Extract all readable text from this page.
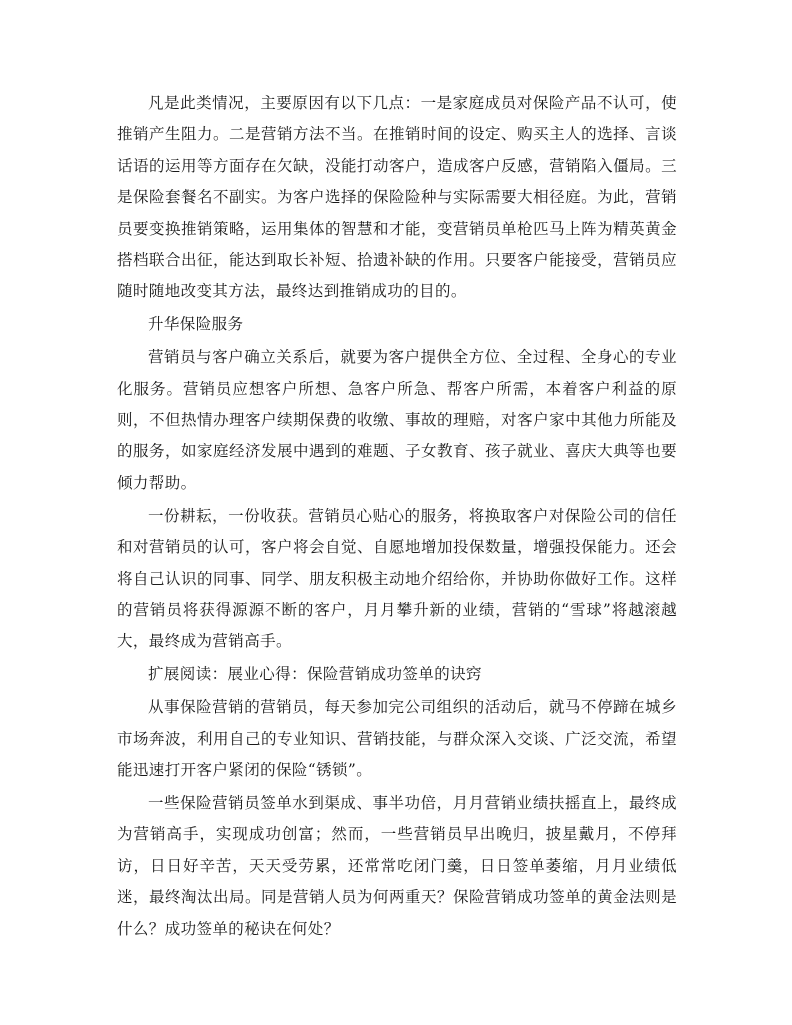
凡是此类情况，主要原因有以下几点：一是家庭成员对保险产品不认可，使推销产生阻力。二是营销方法不当。在推销时间的设定、购买主人的选择、言谈话语的运用等方面存在欠缺，没能打动客户，造成客户反感，营销陷入僵局。三是保险套餐名不副实。为客户选择的保险险种与实际需要大相径庭。为此，营销员要变换推销策略，运用集体的智慧和才能，变营销员单枪匹马上阵为精英黄金搭档联合出征，能达到取长补短、拾遗补缺的作用。只要客户能接受，营销员应随时随地改变其方法，最终达到推销成功的目的。

升华保险服务

营销员与客户确立关系后，就要为客户提供全方位、全过程、全身心的专业化服务。营销员应想客户所想、急客户所急、帮客户所需，本着客户利益的原则，不但热情办理客户续期保费的收缴、事故的理赔，对客户家中其他力所能及的服务，如家庭经济发展中遇到的难题、子女教育、孩子就业、喜庆大典等也要倾力帮助。

一份耕耘，一份收获。营销员心贴心的服务，将换取客户对保险公司的信任和对营销员的认可，客户将会自觉、自愿地增加投保数量，增强投保能力。还会将自己认识的同事、同学、朋友积极主动地介绍给你，并协助你做好工作。这样的营销员将获得源源不断的客户，月月攀升新的业绩，营销的“雪球”将越滚越大，最终成为营销高手。

扩展阅读：展业心得：保险营销成功签单的诀窍

从事保险营销的营销员，每天参加完公司组织的活动后，就马不停蹄在城乡市场奔波，利用自己的专业知识、营销技能，与群众深入交谈、广泛交流，希望能迅速打开客户紧闭的保险“锈锁”。

一些保险营销员签单水到渠成、事半功倍，月月营销业绩扶摇直上，最终成为营销高手，实现成功创富；然而，一些营销员早出晚归，披星戴月，不停拜访，日日好辛苦，天天受劳累，还常常吃闭门羹，日日签单萎缩，月月业绩低迷，最终淘汰出局。同是营销人员为何两重天？保险营销成功签单的黄金法则是什么？成功签单的秘诀在何处？
